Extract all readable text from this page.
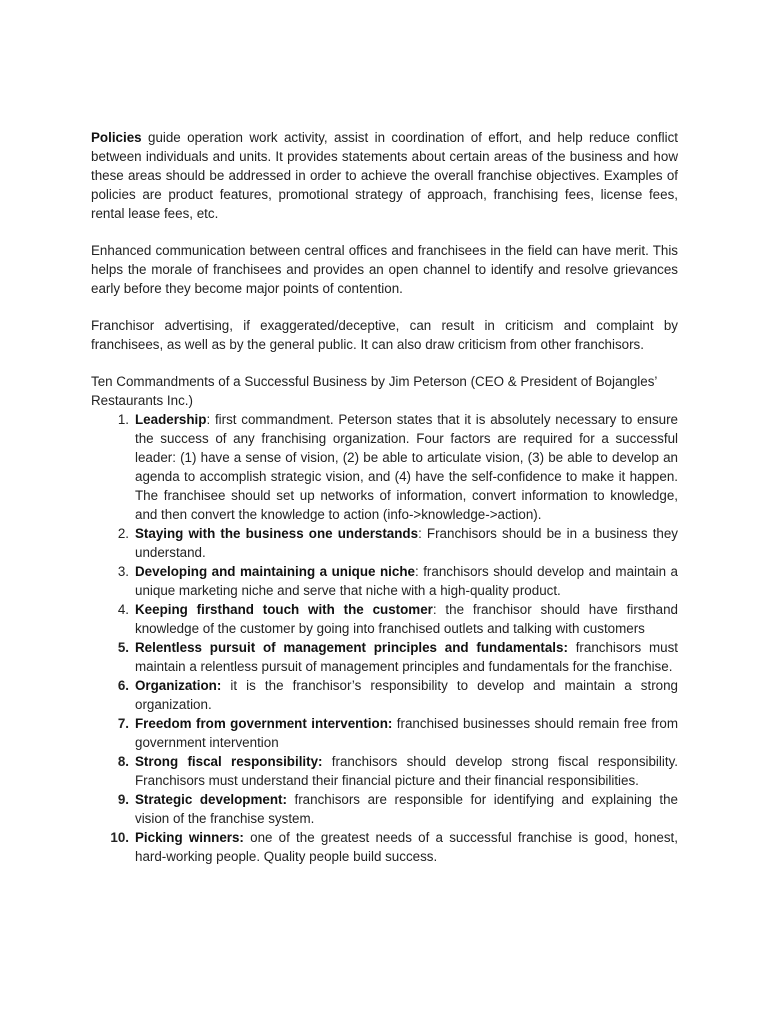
Policies guide operation work activity, assist in coordination of effort, and help reduce conflict between individuals and units. It provides statements about certain areas of the business and how these areas should be addressed in order to achieve the overall franchise objectives. Examples of policies are product features, promotional strategy of approach, franchising fees, license fees, rental lease fees, etc.

Enhanced communication between central offices and franchisees in the field can have merit. This helps the morale of franchisees and provides an open channel to identify and resolve grievances early before they become major points of contention.

Franchisor advertising, if exaggerated/deceptive, can result in criticism and complaint by franchisees, as well as by the general public. It can also draw criticism from other franchisors.

Ten Commandments of a Successful Business by Jim Peterson (CEO & President of Bojangles’ Restaurants Inc.)

1. Leadership: first commandment. Peterson states that it is absolutely necessary to ensure the success of any franchising organization. Four factors are required for a successful leader: (1) have a sense of vision, (2) be able to articulate vision, (3) be able to develop an agenda to accomplish strategic vision, and (4) have the self-confidence to make it happen. The franchisee should set up networks of information, convert information to knowledge, and then convert the knowledge to action (info->knowledge->action).
2. Staying with the business one understands: Franchisors should be in a business they understand.
3. Developing and maintaining a unique niche: franchisors should develop and maintain a unique marketing niche and serve that niche with a high-quality product.
4. Keeping firsthand touch with the customer: the franchisor should have firsthand knowledge of the customer by going into franchised outlets and talking with customers
5. Relentless pursuit of management principles and fundamentals: franchisors must maintain a relentless pursuit of management principles and fundamentals for the franchise.
6. Organization: it is the franchisor’s responsibility to develop and maintain a strong organization.
7. Freedom from government intervention: franchised businesses should remain free from government intervention
8. Strong fiscal responsibility: franchisors should develop strong fiscal responsibility. Franchisors must understand their financial picture and their financial responsibilities.
9. Strategic development: franchisors are responsible for identifying and explaining the vision of the franchise system.
10. Picking winners: one of the greatest needs of a successful franchise is good, honest, hard-working people. Quality people build success.
